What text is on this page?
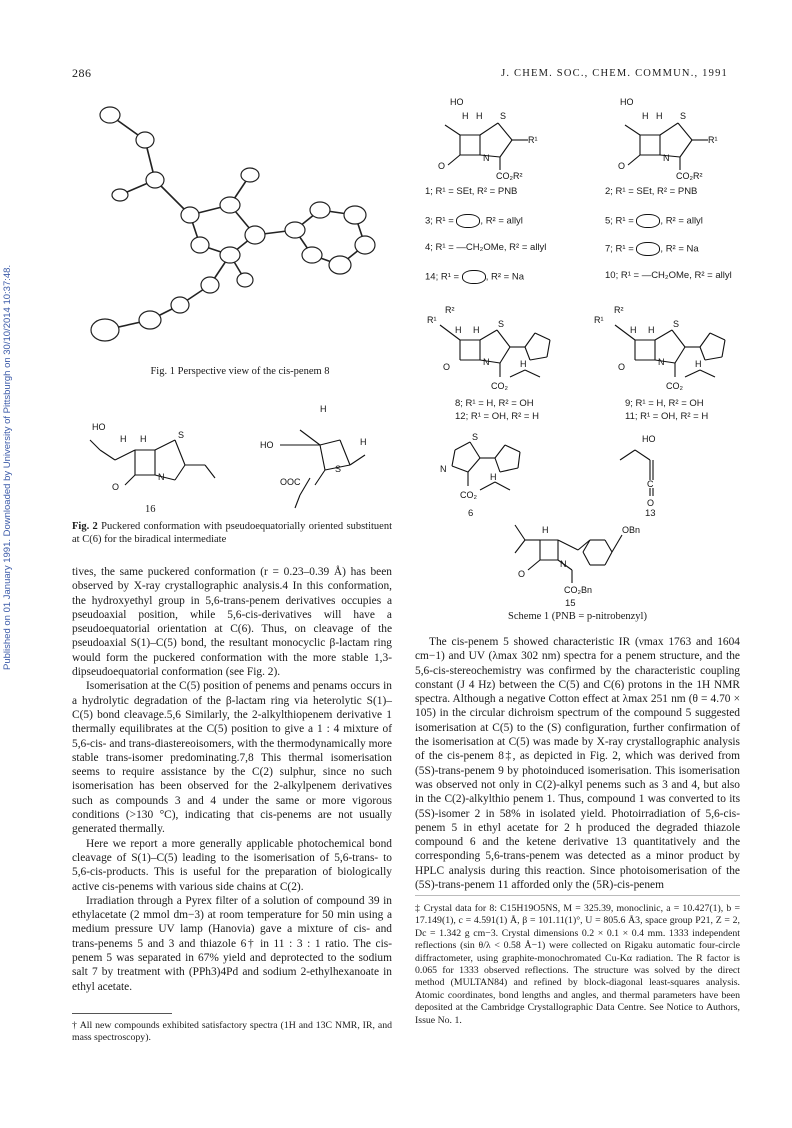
286	J. CHEM. SOC., CHEM. COMMUN., 1991
Published on 01 January 1991. Downloaded by University of Pittsburgh on 30/10/2014 10:37:48.	Fig. 1 Perspective view of the cis-penem 8
HO
H H	S
N
O
16
H
HO	H
S
OOC
Fig. 2 Puckered conformation with pseudoequatorially oriented substituent at C(6) for the biradical intermediate

tives, the same puckered conformation (r = 0.23–0.39 Å) has been observed by X-ray crystallographic analysis.4 In this conformation, the hydroxyethyl group in 5,6-trans-penem derivatives occupies a pseudoaxial position, while 5,6-cis-derivatives will have a pseudoequatorial orientation at C(6). Thus, on cleavage of the pseudoaxial S(1)–C(5) bond, the resultant monocyclic β-lactam ring would form the puckered conformation with the more stable 1,3-dipseudoequatorial conformation (see Fig. 2).

Isomerisation at the C(5) position of penems and penams occurs in a hydrolytic degradation of the β-lactam ring via heterolytic S(1)–C(5) bond cleavage.5,6 Similarly, the 2-alkylthiopenem derivative 1 thermally equilibrates at the C(5) position to give a 1 : 4 mixture of 5,6-cis- and trans-diastereoisomers, with the thermodynamically more stable trans-isomer predominating.7,8 This thermal isomerisation seems to require assistance by the C(2) sulphur, since no such isomerisation has been observed for the 2-alkylpenem derivatives such as compounds 3 and 4 under the same or more vigorous conditions (>130 °C), indicating that cis-penems are not usually generated thermally.

Here we report a more generally applicable photochemical bond cleavage of S(1)–C(5) leading to the isomerisation of 5,6-trans- to 5,6-cis-products. This is useful for the preparation of biologically active cis-penems with various side chains at C(2).

Irradiation through a Pyrex filter of a solution of compound 39 in ethylacetate (2 mmol dm−3) at room temperature for 50 min using a medium pressure UV lamp (Hanovia) gave a mixture of cis- and trans-penems 5 and 3 and thiazole 6† in 11 : 3 : 1 ratio. The cis-penem 5 was separated in 67% yield and deprotected to the sodium salt 7 by treatment with (PPh3)4Pd and sodium 2-ethylhexanoate in ethyl acetate.

† All new compounds exhibited satisfactory spectra (1H and 13C NMR, IR, and mass spectroscopy).
HO
H H S
R¹
N
O
CO₂R²
HO
H H S
R¹
N
O
CO₂R²
1; R¹ = SEt, R² = PNB	2; R¹ = SEt, R² = PNB
3; R¹ =	, R² = allyl	5; R¹ =	, R² = allyl
4; R¹ = —CH₂OMe, R² = allyl	7; R¹ =	, R² = Na
14; R¹ =	, R² = Na	10; R¹ = —CH₂OMe, R² = allyl
R¹
R²
H H
S
N
O	H
CO₂
R¹
R²
H H
S
N
O	H
CO₂
8; R¹ = H, R² = OH
12; R¹ = OH, R² = H
9; R¹ = H, R² = OH
11; R¹ = OH, R² = H
S
N
H
CO₂
6
HO
C
O
13
H
N
O
OBn
CO₂Bn
15
Scheme 1 (PNB = p-nitrobenzyl)

The cis-penem 5 showed characteristic IR (νmax 1763 and 1604 cm−1) and UV (λmax 302 nm) spectra for a penem structure, and the 5,6-cis-stereochemistry was confirmed by the characteristic coupling constant (J 4 Hz) between the C(5) and C(6) protons in the 1H NMR spectra. Although a negative Cotton effect at λmax 251 nm (θ = 4.70 × 105) in the circular dichroism spectrum of the compound 5 suggested isomerisation at C(5) to the (S) configuration, further confirmation of the isomerisation at C(5) was made by X-ray crystallographic analysis of the cis-penem 8‡, as depicted in Fig. 2, which was derived from (5S)-trans-penem 9 by photoinduced isomerisation. This isomerisation was observed not only in C(2)-alkyl penems such as 3 and 4, but also in the C(2)-alkylthio penem 1. Thus, compound 1 was converted to its (5S)-isomer 2 in 58% in isolated yield. Photoirradiation of 5,6-cis-penem 5 in ethyl acetate for 2 h produced the degraded thiazole compound 6 and the ketene derivative 13 quantitatively and the corresponding 5,6-trans-penem was detected as a minor product by HPLC analysis during this reaction. Since photoisomerisation of the (5S)-trans-penem 11 afforded only the (5R)-cis-penem

‡ Crystal data for 8: C15H19O5NS, M = 325.39, monoclinic, a = 10.427(1), b = 17.149(1), c = 4.591(1) Å, β = 101.11(1)°, U = 805.6 Å3, space group P21, Z = 2, Dc = 1.342 g cm−3. Crystal dimensions 0.2 × 0.1 × 0.4 mm. 1333 independent reflections (sin θ/λ < 0.58 Å−1) were collected on Rigaku automatic four-circle diffractometer, using graphite-monochromated Cu-Kα radiation. The R factor is 0.065 for 1333 observed reflections. The structure was solved by the direct method (MULTAN84) and refined by block-diagonal least-squares analysis. Atomic coordinates, bond lengths and angles, and thermal parameters have been deposited at the Cambridge Crystallographic Data Centre. See Notice to Authors, Issue No. 1.
